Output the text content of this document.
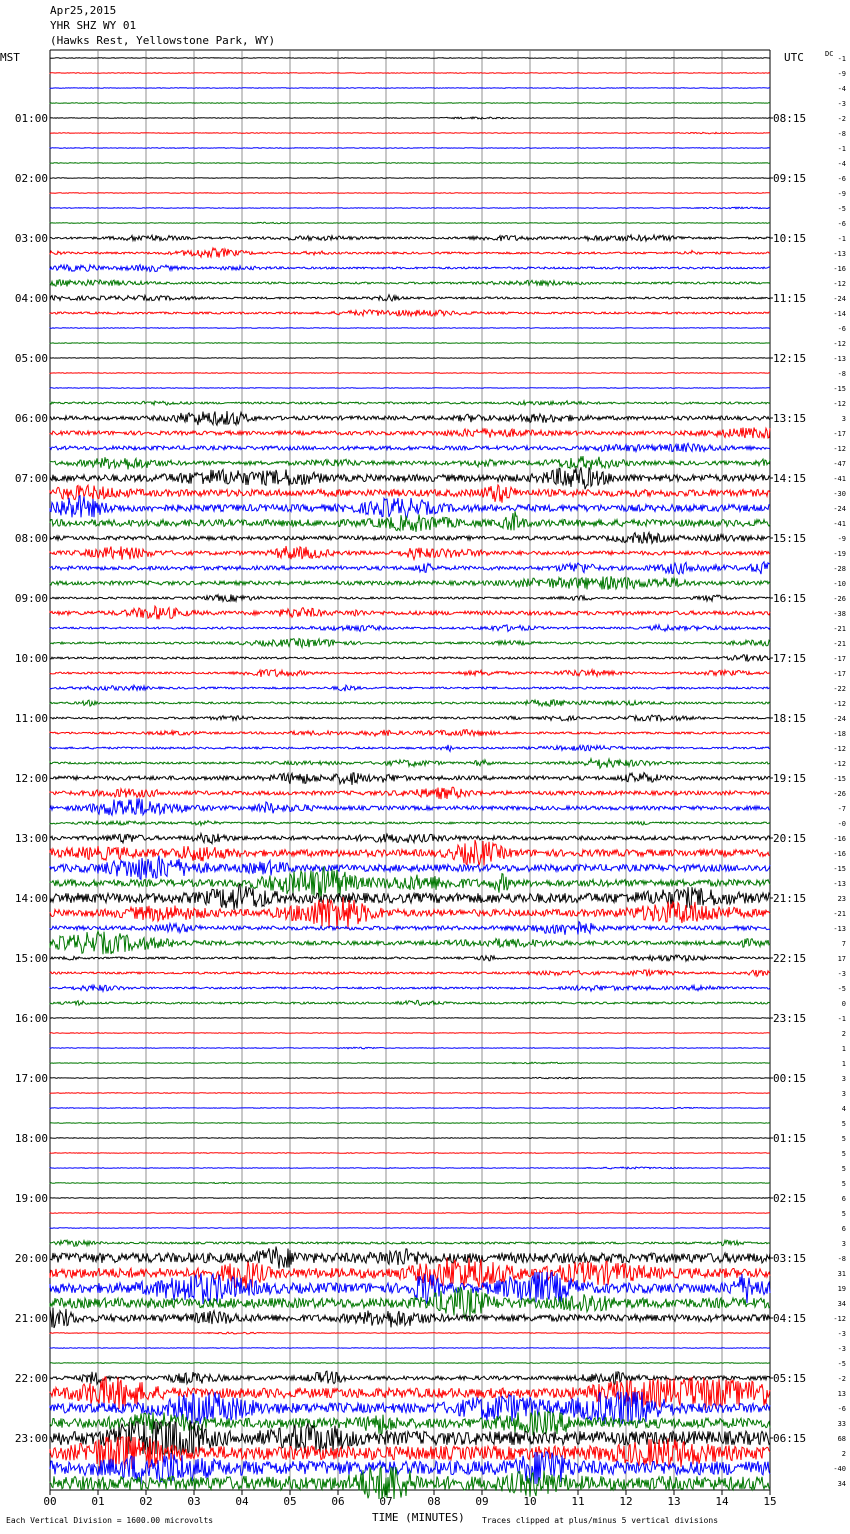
Apr25,2015
YHR SHZ WY 01
(Hawks Rest, Yellowstone Park, WY)
00	01	02	03	04	05	06	07	08	09	10	11	12	13	14	15
MST	UTC
01:00	08:15
02:00	09:15
03:00	10:15
04:00	11:15
05:00	12:15
06:00	13:15
07:00	14:15
08:00	15:15
09:00	16:15
10:00	17:15
11:00	18:15
12:00	19:15
13:00	20:15
14:00	21:15
15:00	22:15
16:00	23:15
17:00	00:15
18:00	01:15
19:00	02:15
20:00	03:15
21:00	04:15
22:00	05:15
23:00	06:15
DC
-1
-9
-4
-3
-2
-8
-1
-4
-6
-9
-5
-6
-1
-13
-16
-12
-24
-14
-6
-12
-13
-8
-15
-12
3
-17
-12
-47
-41
-30
-24
-41
-9
-19
-28
-10
-26
-38
-21
-21
-17
-17
-22
-12
-24
-18
-12
-12
-15
-26
-7
-0
-16
-16
-15
-13
23
-21
-13
7
17
-3
-5
0
-1
2
1
1
3
3
4
5
5
5
5
5
6
5
6
3
-8
31
19
34
-12
-3
-3
-5
-2
13
-6
33
68
2
-40
34
TIME (MINUTES)
Each Vertical Division = 1600.00 microvolts	Traces clipped at plus/minus 5 vertical divisions
